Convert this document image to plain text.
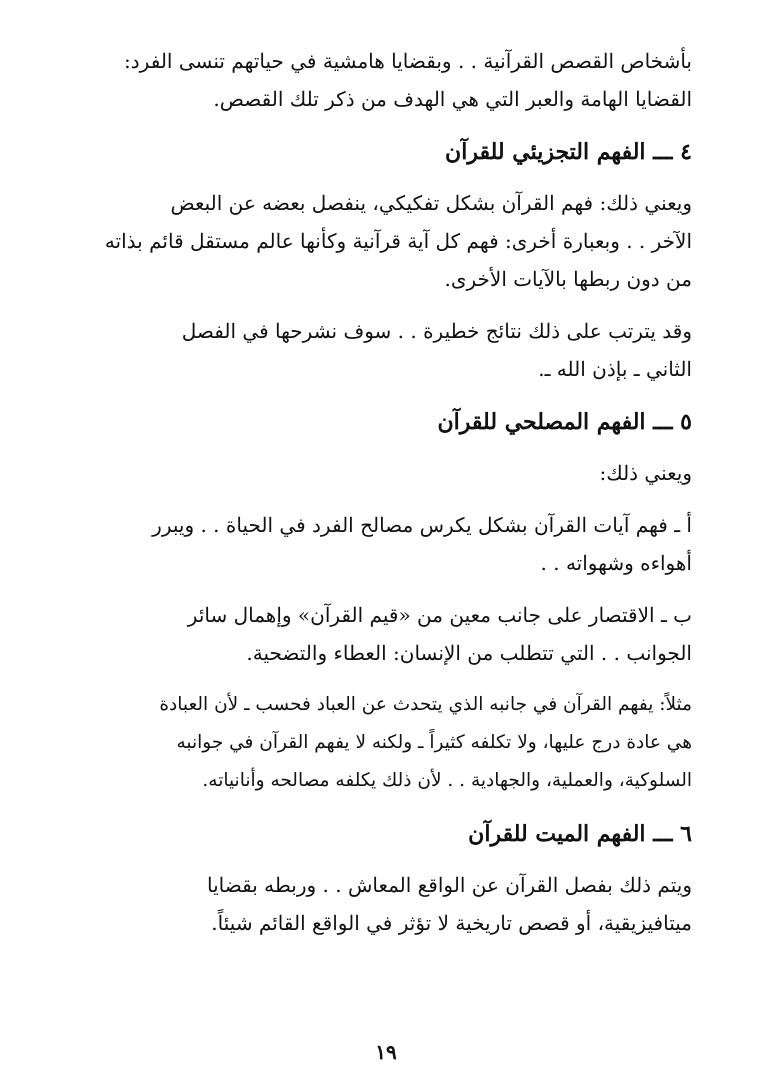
بأشخاص القصص القرآنية . . وبقضايا هامشية في حياتهم تنسى الفرد:
القضايا الهامة والعبر التي هي الهدف من ذكر تلك القصص.

٤ ـــ الفهم التجزيئي للقرآن

ويعني ذلك: فهم القرآن بشكل تفكيكي، ينفصل بعضه عن البعض
الآخر . . وبعبارة أخرى: فهم كل آية قرآنية وكأنها عالم مستقل قائم بذاته
من دون ربطها بالآيات الأخرى.

وقد يترتب على ذلك نتائج خطيرة . . سوف نشرحها في الفصل
الثاني ـ بإذن الله ـ.

٥ ـــ الفهم المصلحي للقرآن

ويعني ذلك:

أ ـ فهم آيات القرآن بشكل يكرس مصالح الفرد في الحياة . . ويبرر
أهواءه وشهواته . .

ب ـ الاقتصار على جانب معين من «قيم القرآن» وإهمال سائر
الجوانب . . التي تتطلب من الإنسان: العطاء والتضحية.

مثلاً: يفهم القرآن في جانبه الذي يتحدث عن العباد فحسب ـ لأن العبادة
هي عادة درج عليها، ولا تكلفه كثيراً ـ ولكنه لا يفهم القرآن في جوانبه
السلوكية، والعملية، والجهادية . . لأن ذلك يكلفه مصالحه وأنانياته.

٦ ـــ الفهم الميت للقرآن

ويتم ذلك بفصل القرآن عن الواقع المعاش . . وربطه بقضايا
ميتافيزيقية، أو قصص تاريخية لا تؤثر في الواقع القائم شيئاً.

١٩
